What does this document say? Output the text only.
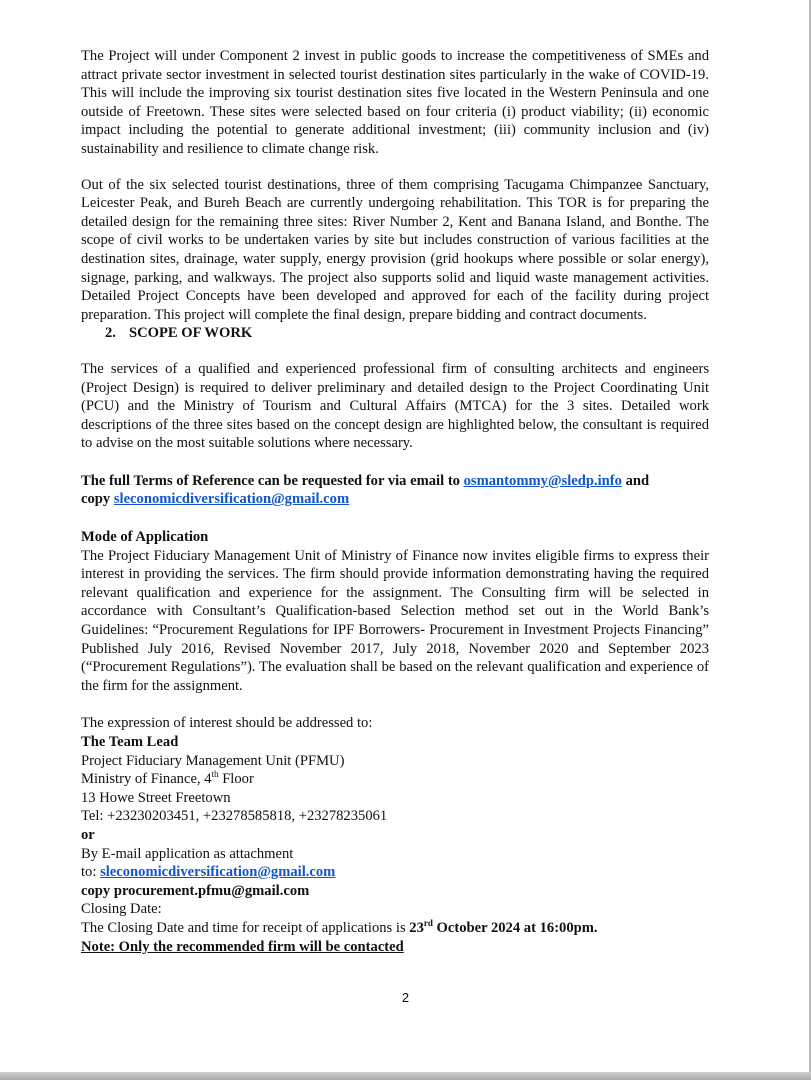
The Project will under Component 2 invest in public goods to increase the competitiveness of SMEs and attract private sector investment in selected tourist destination sites particularly in the wake of COVID-19. This will include the improving six tourist destination sites five located in the Western Peninsula and one outside of Freetown. These sites were selected based on four criteria (i) product viability; (ii) economic impact including the potential to generate additional investment; (iii) community inclusion and (iv) sustainability and resilience to climate change risk.

Out of the six selected tourist destinations, three of them comprising Tacugama Chimpanzee Sanctuary, Leicester Peak, and Bureh Beach are currently undergoing rehabilitation. This TOR is for preparing the detailed design for the remaining three sites: River Number 2, Kent and Banana Island, and Bonthe. The scope of civil works to be undertaken varies by site but includes construction of various facilities at the destination sites, drainage, water supply, energy provision (grid hookups where possible or solar energy), signage, parking, and walkways. The project also supports solid and liquid waste management activities. Detailed Project Concepts have been developed and approved for each of the facility during project preparation. This project will complete the final design, prepare bidding and contract documents.

2. SCOPE OF WORK

The services of a qualified and experienced professional firm of consulting architects and engineers (Project Design) is required to deliver preliminary and detailed design to the Project Coordinating Unit (PCU) and the Ministry of Tourism and Cultural Affairs (MTCA) for the 3 sites. Detailed work descriptions of the three sites based on the concept design are highlighted below, the consultant is required to advise on the most suitable solutions where necessary.

The full Terms of Reference can be requested for via email to osmantommy@sledp.info and
copy sleconomicdiversification@gmail.com

Mode of Application

The Project Fiduciary Management Unit of Ministry of Finance now invites eligible firms to express their interest in providing the services. The firm should provide information demonstrating having the required relevant qualification and experience for the assignment. The Consulting firm will be selected in accordance with Consultant’s Qualification-based Selection method set out in the World Bank’s Guidelines: “Procurement Regulations for IPF Borrowers- Procurement in Investment Projects Financing” Published July 2016, Revised November 2017, July 2018, November 2020 and September 2023 (“Procurement Regulations”). The evaluation shall be based on the relevant qualification and experience of the firm for the assignment.

The expression of interest should be addressed to:

The Team Lead

Project Fiduciary Management Unit (PFMU)

Ministry of Finance, 4th Floor

13 Howe Street Freetown

Tel: +23230203451, +23278585818, +23278235061

or

By E-mail application as attachment

to: sleconomicdiversification@gmail.com

copy procurement.pfmu@gmail.com

Closing Date:

The Closing Date and time for receipt of applications is 23rd October 2024 at 16:00pm.

Note: Only the recommended firm will be contacted

2
